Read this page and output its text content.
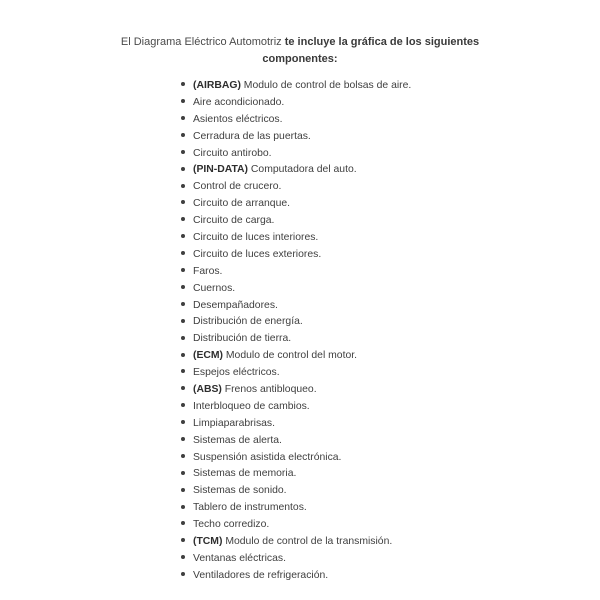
El Diagrama Eléctrico Automotriz te incluye la gráfica de los siguientes componentes:
(AIRBAG) Modulo de control de bolsas de aire.
Aire acondicionado.
Asientos eléctricos.
Cerradura de las puertas.
Circuito antirobo.
(PIN-DATA) Computadora del auto.
Control de crucero.
Circuito de arranque.
Circuito de carga.
Circuito de luces interiores.
Circuito de luces exteriores.
Faros.
Cuernos.
Desempañadores.
Distribución de energía.
Distribución de tierra.
(ECM) Modulo de control del motor.
Espejos eléctricos.
(ABS) Frenos antibloqueo.
Interbloqueo de cambios.
Limpiaparabrisas.
Sistemas de alerta.
Suspensión asistida electrónica.
Sistemas de memoria.
Sistemas de sonido.
Tablero de instrumentos.
Techo corredizo.
(TCM) Modulo de control de la transmisión.
Ventanas eléctricas.
Ventiladores de refrigeración.
